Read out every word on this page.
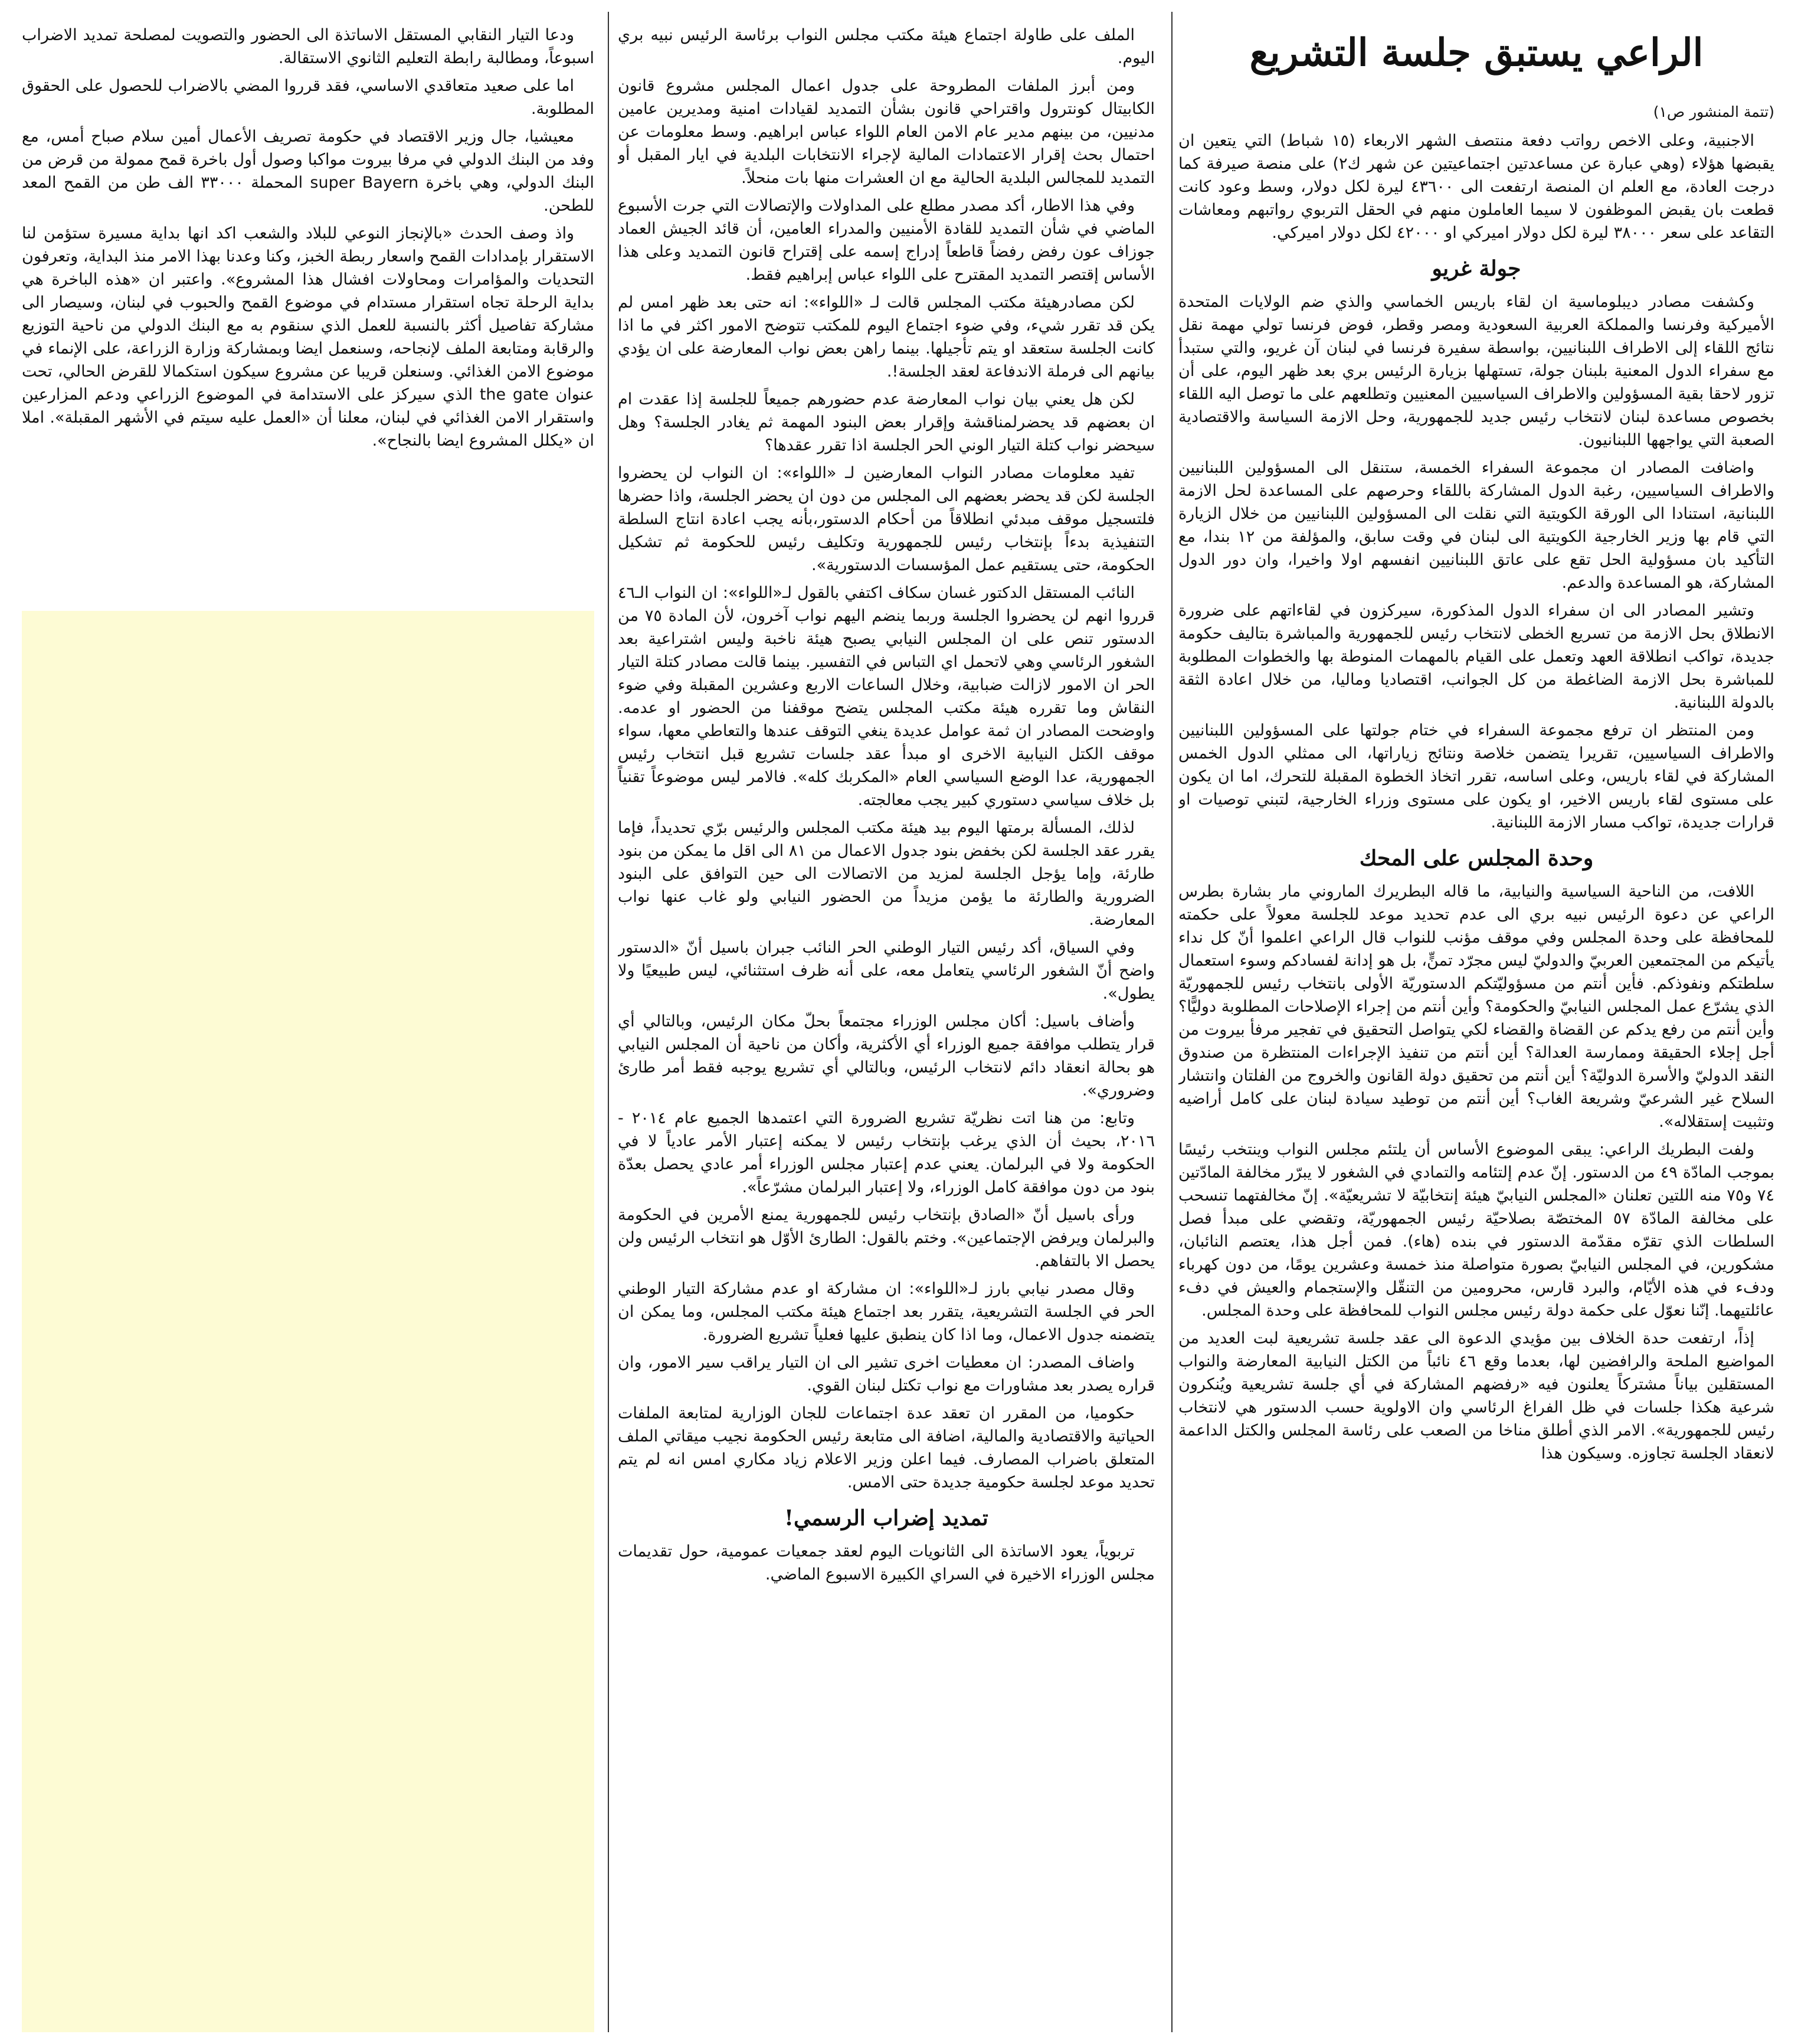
الراعي يستبق جلسة التشريع
(تتمة المنشور ص١)

الاجنبية، وعلى الاخص رواتب دفعة منتصف الشهر الاربعاء (١٥ شباط) التي يتعين ان يقبضها هؤلاء (وهي عبارة عن مساعدتين اجتماعيتين عن شهر ك٢) على منصة صيرفة كما درجت العادة، مع العلم ان المنصة ارتفعت الى ٤٣٦٠٠ ليرة لكل دولار، وسط وعود كانت قطعت بان يقبض الموظفون لا سيما العاملون منهم في الحقل التربوي رواتبهم ومعاشات التقاعد على سعر ٣٨٠٠٠ ليرة لكل دولار اميركي او ٤٢٠٠٠ لكل دولار اميركي.

جولة غريو

وكشفت مصادر ديبلوماسية ان لقاء باريس الخماسي والذي ضم الولايات المتحدة الأميركية وفرنسا والمملكة العربية السعودية ومصر وقطر، فوض فرنسا تولي مهمة نقل نتائج اللقاء إلى الاطراف اللبنانيين، بواسطة سفيرة فرنسا في لبنان آن غريو، والتي ستبدأ مع سفراء الدول المعنية بلبنان جولة، تستهلها بزيارة الرئيس بري بعد ظهر اليوم، على أن تزور لاحقا بقية المسؤولين والاطراف السياسيين المعنيين وتطلعهم على ما توصل اليه اللقاء بخصوص مساعدة لبنان لانتخاب رئيس جديد للجمهورية، وحل الازمة السياسة والاقتصادية الصعبة التي يواجهها اللبنانيون.

واضافت المصادر ان مجموعة السفراء الخمسة، ستنقل الى المسؤولين اللبنانيين والاطراف السياسيين، رغبة الدول المشاركة باللقاء وحرصهم على المساعدة لحل الازمة اللبنانية، استنادا الى الورقة الكويتية التي نقلت الى المسؤولين اللبنانيين من خلال الزيارة التي قام بها وزير الخارجية الكويتية الى لبنان في وقت سابق، والمؤلفة من ١٢ بندا، مع التأكيد بان مسؤولية الحل تقع على عاتق اللبنانيين انفسهم اولا واخيرا، وان دور الدول المشاركة، هو المساعدة والدعم.

وتشير المصادر الى ان سفراء الدول المذكورة، سيركزون في لقاءاتهم على ضرورة الانطلاق بحل الازمة من تسريع الخطى لانتخاب رئيس للجمهورية والمباشرة بتاليف حكومة جديدة، تواكب انطلاقة العهد وتعمل على القيام بالمهمات المنوطة بها والخطوات المطلوبة للمباشرة بحل الازمة الضاغطة من كل الجوانب، اقتصاديا وماليا، من خلال اعادة الثقة بالدولة اللبنانية.

ومن المنتظر ان ترفع مجموعة السفراء في ختام جولتها على المسؤولين اللبنانيين والاطراف السياسيين، تقريرا يتضمن خلاصة ونتائج زياراتها، الى ممثلي الدول الخمس المشاركة في لقاء باريس، وعلى اساسه، تقرر اتخاذ الخطوة المقبلة للتحرك، اما ان يكون على مستوى لقاء باريس الاخير، او يكون على مستوى وزراء الخارجية، لتبني توصيات او قرارات جديدة، تواكب مسار الازمة اللبنانية.

وحدة المجلس على المحك

اللافت، من الناحية السياسية والنيابية، ما قاله البطريرك الماروني مار بشارة بطرس الراعي عن دعوة الرئيس نبيه بري الى عدم تحديد موعد للجلسة معولاً على حكمته للمحافظة على وحدة المجلس وفي موقف مؤنب للنواب قال الراعي اعلموا أنّ كل نداء يأتيكم من المجتمعين العربيّ والدوليّ ليس مجرّد تمنٍّ، بل هو إدانة لفسادكم وسوء استعمال سلطتكم ونفوذكم. فأين أنتم من مسؤوليّتكم الدستوريّة الأولى بانتخاب رئيس للجمهوريّة الذي يشرّع عمل المجلس النيابيّ والحكومة؟ وأين أنتم من إجراء الإصلاحات المطلوبة دوليًّا؟ وأين أنتم من رفع يدكم عن القضاة والقضاء لكي يتواصل التحقيق في تفجير مرفأ بيروت من أجل إجلاء الحقيقة وممارسة العدالة؟ أين أنتم من تنفيذ الإجراءات المنتظرة من صندوق النقد الدوليّ والأسرة الدوليّة؟ أين أنتم من تحقيق دولة القانون والخروج من الفلتان وانتشار السلاح غير الشرعيّ وشريعة الغاب؟ أين أنتم من توطيد سيادة لبنان على كامل أراضيه وتثبيت إستقلاله».

ولفت البطريك الراعي: يبقى الموضوع الأساس أن يلتئم مجلس النواب وينتخب رئيسًا بموجب المادّة ٤٩ من الدستور. إنّ عدم إلتئامه والتمادي في الشغور لا يبرّر مخالفة المادّتين ٧٤ و٧٥ منه اللتين تعلنان «المجلس النيابيّ هيئة إنتخابيّة لا تشريعيّة». إنّ مخالفتهما تنسحب على مخالفة المادّة ٥٧ المختصّة بصلاحيّة رئيس الجمهوريّة، وتقضي على مبدأ فصل السلطات الذي تقرّه مقدّمة الدستور في بنده (هاء). فمن أجل هذا، يعتصم النائبان، مشكورين، في المجلس النيابيّ بصورة متواصلة منذ خمسة وعشرين يومًا، من دون كهرباء ودفء في هذه الأيّام، والبرد قارس، محرومين من التنقّل والإستجمام والعيش في دفء عائلتيهما. إنّنا نعوّل على حكمة دولة رئيس مجلس النواب للمحافظة على وحدة المجلس.

إذاً، ارتفعت حدة الخلاف بين مؤيدي الدعوة الى عقد جلسة تشريعية لبت العديد من المواضيع الملحة والرافضين لها، بعدما وقع ٤٦ نائباً من الكتل النيابية المعارضة والنواب المستقلين بياناً مشتركاً يعلنون فيه «رفضهم المشاركة في أي جلسة تشريعية ويُنكرون شرعية هكذا جلسات في ظل الفراغ الرئاسي وان الاولوية حسب الدستور هي لانتخاب رئيس للجمهورية». الامر الذي أطلق مناخا من الصعب على رئاسة المجلس والكتل الداعمة لانعقاد الجلسة تجاوزه. وسيكون هذا

الملف على طاولة اجتماع هيئة مكتب مجلس النواب برئاسة الرئيس نبيه بري اليوم.

ومن أبرز الملفات المطروحة على جدول اعمال المجلس مشروع قانون الكابيتال كونترول واقتراحي قانون بشأن التمديد لقيادات امنية ومديرين عامين مدنيين، من بينهم مدير عام الامن العام اللواء عباس ابراهيم. وسط معلومات عن احتمال بحث إقرار الاعتمادات المالية لإجراء الانتخابات البلدية في ايار المقبل أو التمديد للمجالس البلدية الحالية مع ان العشرات منها بات منحلاً.

وفي هذا الاطار، أكد مصدر مطلع على المداولات والإتصالات التي جرت الأسبوع الماضي في شأن التمديد للقادة الأمنيين والمدراء العامين، أن قائد الجيش العماد جوزاف عون رفض رفضاً قاطعاً إدراج إسمه على إقتراح قانون التمديد وعلى هذا الأساس إقتصر التمديد المقترح على اللواء عباس إبراهيم فقط.

لكن مصادرهيئة مكتب المجلس قالت لـ «اللواء»: انه حتى بعد ظهر امس لم يكن قد تقرر شيء، وفي ضوء اجتماع اليوم للمكتب تتوضح الامور اكثر في ما اذا كانت الجلسة ستعقد او يتم تأجيلها. بينما راهن بعض نواب المعارضة على ان يؤدي بيانهم الى فرملة الاندفاعة لعقد الجلسة!.

لكن هل يعني بيان نواب المعارضة عدم حضورهم جميعاً للجلسة إذا عقدت ام ان بعضهم قد يحضرلمناقشة وإقرار بعض البنود المهمة ثم يغادر الجلسة؟ وهل سيحضر نواب كتلة التيار الوني الحر الجلسة اذا تقرر عقدها؟

تفيد معلومات مصادر النواب المعارضين لـ «اللواء»: ان النواب لن يحضروا الجلسة لكن قد يحضر بعضهم الى المجلس من دون ان يحضر الجلسة، واذا حضرها فلتسجيل موقف مبدئي انطلاقاً من أحكام الدستور،بأنه يجب اعادة انتاج السلطة التنفيذية بدءاً بإنتخاب رئيس للجمهورية وتكليف رئيس للحكومة ثم تشكيل الحكومة، حتى يستقيم عمل المؤسسات الدستورية».

النائب المستقل الدكتور غسان سكاف اكتفي بالقول لـ«اللواء»: ان النواب الـ٤٦ قرروا انهم لن يحضروا الجلسة وربما ينضم اليهم نواب آخرون، لأن المادة ٧٥ من الدستور تنص على ان المجلس النيابي يصبح هيئة ناخبة وليس اشتراعية بعد الشغور الرئاسي وهي لاتحمل اي التباس في التفسير. بينما قالت مصادر كتلة التيار الحر ان الامور لازالت ضبابية، وخلال الساعات الاربع وعشرين المقبلة وفي ضوء النقاش وما تقرره هيئة مكتب المجلس يتضح موقفنا من الحضور او عدمه. واوضحت المصادر ان ثمة عوامل عديدة ينغي التوقف عندها والتعاطي معها، سواء موقف الكتل النيابية الاخرى او مبدأ عقد جلسات تشريع قبل انتخاب رئيس الجمهورية، عدا الوضع السياسي العام «المكربك كله». فالامر ليس موضوعاً تقنياً بل خلاف سياسي دستوري كبير يجب معالجته.

لذلك، المسألة برمتها اليوم بيد هيئة مكتب المجلس والرئيس برّي تحديداً، فإما يقرر عقد الجلسة لكن بخفض بنود جدول الاعمال من ٨١ الى اقل ما يمكن من بنود طارئة، وإما يؤجل الجلسة لمزيد من الاتصالات الى حين التوافق على البنود الضرورية والطارئة ما يؤمن مزيداً من الحضور النيابي ولو غاب عنها نواب المعارضة.

وفي السياق، أكد رئيس التيار الوطني الحر النائب جبران باسيل أنّ «الدستور واضح أنّ الشغور الرئاسي يتعامل معه، على أنه ظرف استثنائي، ليس طبيعيًا ولا يطول».

وأضاف باسيل: أكان مجلس الوزراء مجتمعاً بحلّ مكان الرئيس، وبالتالي أي قرار يتطلب موافقة جميع الوزراء أي الأكثرية، وأكان من ناحية أن المجلس النيابي هو بحالة انعقاد دائم لانتخاب الرئيس، وبالتالي أي تشريع يوجبه فقط أمر طارئ وضروري».

وتابع: من هنا اتت نظريّة تشريع الضرورة التي اعتمدها الجميع عام ٢٠١٤ - ٢٠١٦، بحيث أن الذي يرغب بإنتخاب رئيس لا يمكنه إعتبار الأمر عادياً لا في الحكومة ولا في البرلمان. يعني عدم إعتبار مجلس الوزراء أمر عادي يحصل بعدّة بنود من دون موافقة كامل الوزراء، ولا إعتبار البرلمان مشرّعاً».

ورأى باسيل أنّ «الصادق بإنتخاب رئيس للجمهورية يمنع الأمرين في الحكومة والبرلمان ويرفض الإجتماعين». وختم بالقول: الطارئ الأوّل هو انتخاب الرئيس ولن يحصل الا بالتفاهم.

وقال مصدر نيابي بارز لـ«اللواء»: ان مشاركة او عدم مشاركة التيار الوطني الحر في الجلسة التشريعية، يتقرر بعد اجتماع هيئة مكتب المجلس، وما يمكن ان يتضمنه جدول الاعمال، وما اذا كان ينطبق عليها فعلياً تشريع الضرورة.

واضاف المصدر: ان معطيات اخرى تشير الى ان التيار يراقب سير الامور، وان قراره يصدر بعد مشاورات مع نواب تكتل لبنان القوي.

حكوميا، من المقرر ان تعقد عدة اجتماعات للجان الوزارية لمتابعة الملفات الحياتية والاقتصادية والمالية، اضافة الى متابعة رئيس الحكومة نجيب ميقاتي الملف المتعلق باضراب المصارف. فيما اعلن وزير الاعلام زياد مكاري امس انه لم يتم تحديد موعد لجلسة حكومية جديدة حتى الامس.

تمديد إضراب الرسمي!

تربوياً، يعود الاساتذة الى الثانويات اليوم لعقد جمعيات عمومية، حول تقديمات مجلس الوزراء الاخيرة في السراي الكبيرة الاسبوع الماضي.

ودعا التيار النقابي المستقل الاساتذة الى الحضور والتصويت لمصلحة تمديد الاضراب اسبوعاً، ومطالبة رابطة التعليم الثانوي الاستقالة.

اما على صعيد متعاقدي الاساسي، فقد قرروا المضي بالاضراب للحصول على الحقوق المطلوبة.

معيشيا، جال وزير الاقتصاد في حكومة تصريف الأعمال أمين سلام صباح أمس، مع وفد من البنك الدولي في مرفا بيروت مواكبا وصول أول باخرة قمح ممولة من قرض من البنك الدولي، وهي باخرة super Bayern المحملة ٣٣٠٠٠ الف طن من القمح المعد للطحن.

واذ وصف الحدث «بالإنجاز النوعي للبلاد والشعب اكد انها بداية مسيرة ستؤمن لنا الاستقرار بإمدادات القمح واسعار ربطة الخبز، وكنا وعدنا بهذا الامر منذ البداية، وتعرفون التحديات والمؤامرات ومحاولات افشال هذا المشروع». واعتبر ان «هذه الباخرة هي بداية الرحلة تجاه استقرار مستدام في موضوع القمح والحبوب في لبنان، وسيصار الى مشاركة تفاصيل أكثر بالنسبة للعمل الذي سنقوم به مع البنك الدولي من ناحية التوزيع والرقابة ومتابعة الملف لإنجاحه، وسنعمل ايضا وبمشاركة وزارة الزراعة، على الإنماء في موضوع الامن الغذائي. وسنعلن قريبا عن مشروع سيكون استكمالا للقرض الحالي، تحت عنوان the gate الذي سيركز على الاستدامة في الموضوع الزراعي ودعم المزارعين واستقرار الامن الغذائي في لبنان، معلنا أن «العمل عليه سيتم في الأشهر المقبلة». املا ان «يكلل المشروع ايضا بالنجاح».
